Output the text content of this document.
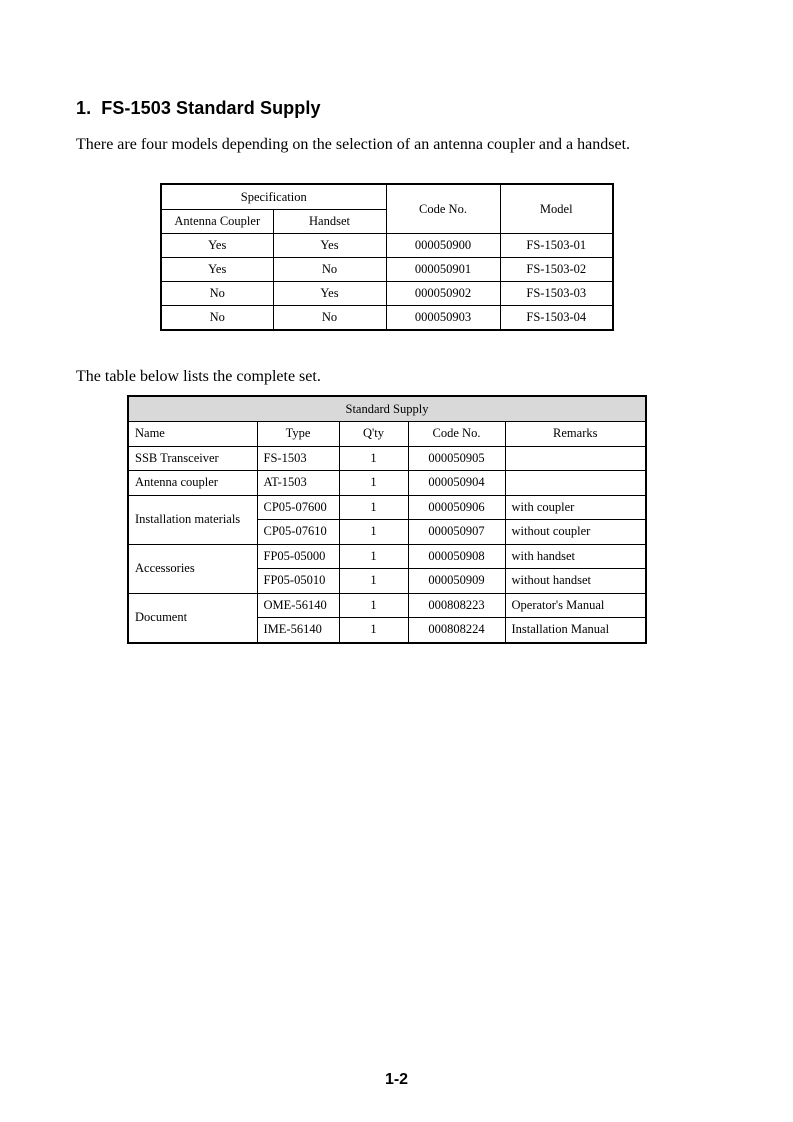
1. FS-1503 Standard Supply
There are four models depending on the selection of an antenna coupler and a handset.
Specification		Code No.	Model
Antenna Coupler	Handset		
Yes	Yes	000050900	FS-1503-01
Yes	No	000050901	FS-1503-02
No	Yes	000050902	FS-1503-03
No	No	000050903	FS-1503-04
The table below lists the complete set.
Standard Supply				
Name	Type	Q'ty	Code No.	Remarks
SSB Transceiver	FS-1503	1	000050905	
Antenna coupler	AT-1503	1	000050904	
Installation materials	CP05-07600	1	000050906	with coupler
	CP05-07610	1	000050907	without coupler
Accessories	FP05-05000	1	000050908	with handset
	FP05-05010	1	000050909	without handset
Document	OME-56140	1	000808223	Operator's Manual
	IME-56140	1	000808224	Installation Manual
1-2
